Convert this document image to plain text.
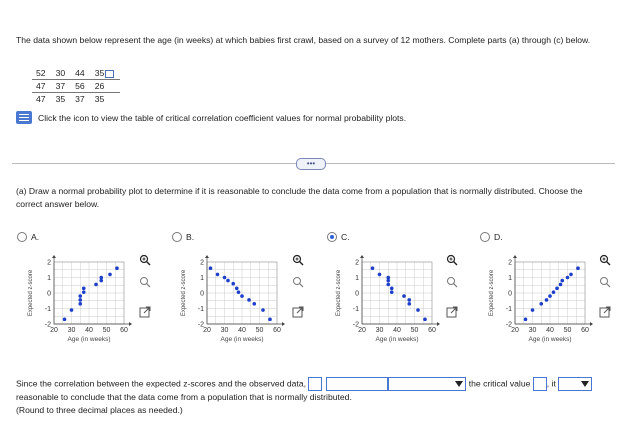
The data shown below represent the age (in weeks) at which babies first crawl, based on a survey of 12 mothers. Complete parts (a) through (c) below.
52	30	44	35
47	37	56	26
47	35	37	35
Click the icon to view the table of critical correlation coefficient values for normal probability plots.
•••
(a) Draw a normal probability plot to determine if it is reasonable to conclude the data come from a population that is normally distributed. Choose the correct answer below.
A.	B.	C.	D.
2
1
0
-1
-2
20 30 40 50 60
Age (in weeks)
Expected z-score
2
1
0
-1
-2
20 30 40 50 60
Age (in weeks)
Expected z-score
2
1
0
-1
-2
20 30 40 50 60
Age (in weeks)
Expected z-score
2
1
0
-1
-2
20 30 40 50 60
Age (in weeks)
Expected z-score
Since the correlation between the expected z-scores and the observed data,	the critical value , it

reasonable to conclude that the data come from a population that is normally distributed.
(Round to three decimal places as needed.)
